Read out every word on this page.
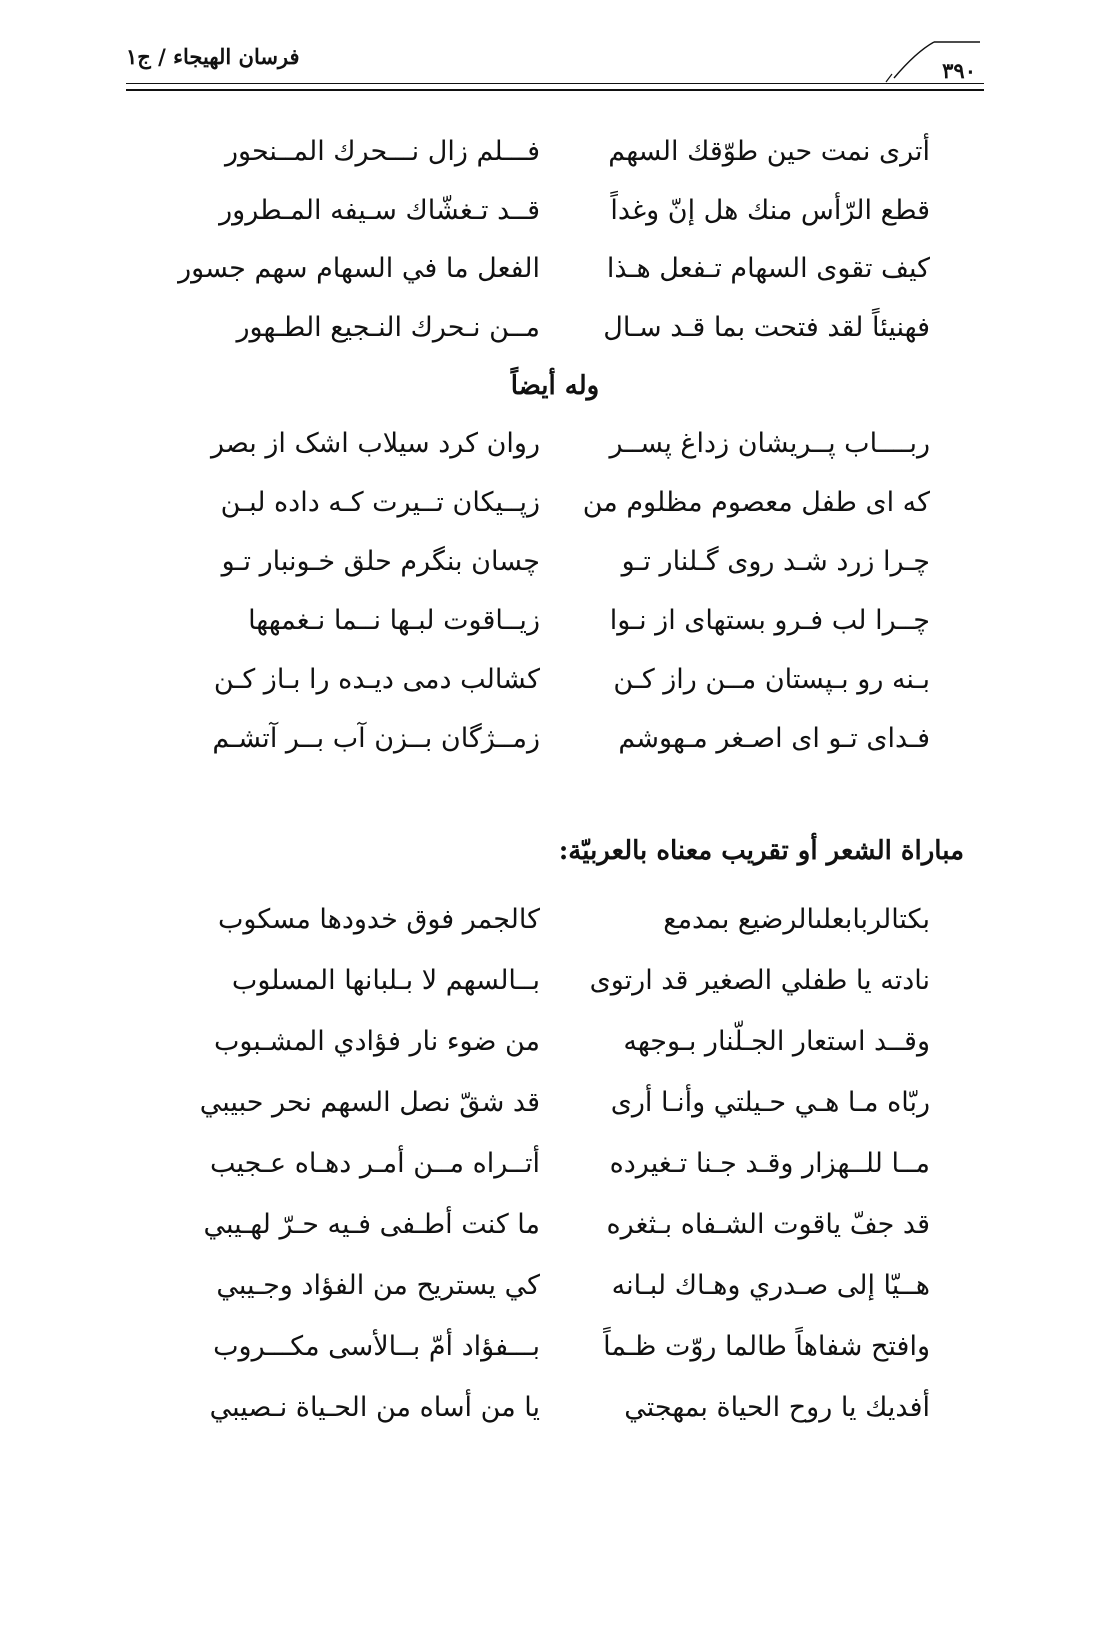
فرسان الهيجاء / ج١
٣٩٠
أترى نمت حين طوّقك السهم
فـــلم زال نـــحرك المــنحور
قطع الرّأس منك هل إنّ وغداً
قــد تـغشّاك سـيفه المـطرور
كيف تقوى السهام تـفعل هـذا
الفعل ما في السهام سهم جسور
فهنيئاً لقد فتحت بما قـد سـال
مــن نـحرك النـجيع الطـهور
وله أيضاً
ربــــاب پــريشان زداغ پســر
روان كرد سيلاب اشک از بصر
که ای طفل معصوم مظلوم من
زپــيكان تــيرت کـه داده لبـن
چـرا زرد شـد روی گـلنار تـو
چسان بنگرم حلق خـونبار تـو
چــرا لب فـرو بستهای از نـوا
زيــاقوت لبـها نــما نـغمهها
بـنه رو بـپستان مــن راز کـن
کشالب دمی دیـده را بـاز کـن
فـدای تـو ای اصـغر مـهوشم
زمــژگان بــزن آب بــر آتشـم
مباراة الشعر أو تقريب معناه بالعربيّة:
بكتالربابعلىالرضيع بمدمع
كالجمر فوق خدودها مسكوب
نادته يا طفلي الصغير قد ارتوى
بــالسهم لا بـلبانها المسلوب
وقــد استعار الجـلّنار بـوجهه
من ضوء نار فؤادي المشـبوب
ربّاه مـا هـي حـيلتي وأنـا أرى
قد شقّ نصل السهم نحر حبيبي
مــا للــهزار وقـد جـنا تـغيرده
أتــراه مــن أمـر دهـاه عـجيب
قد جفّ ياقوت الشـفاه بـثغره
ما كنت أطـفى فـيه حـرّ لهـيبي
هــيّا إلى صـدري وهـاك لبـانه
كي يستريح من الفؤاد وجـيبي
وافتح شفاهاً طالما روّت ظـماً
بـــفؤاد أمّ بــالأسى مكـــروب
أفديك يا روح الحياة بمهجتي
يا من أساه من الحـياة نـصيبي
